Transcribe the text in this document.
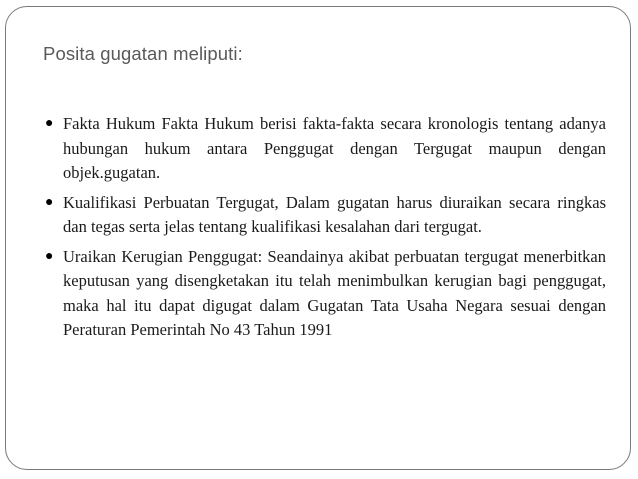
Posita gugatan meliputi:
● Fakta Hukum Fakta Hukum berisi fakta-fakta secara kronologis tentang adanya hubungan hukum antara Penggugat dengan Tergugat maupun dengan objek.gugatan.
● Kualifikasi Perbuatan Tergugat, Dalam gugatan harus diuraikan secara ringkas dan tegas serta jelas tentang kualifikasi kesalahan dari tergugat.
● Uraikan Kerugian Penggugat: Seandainya akibat perbuatan tergugat menerbitkan keputusan yang disengketakan itu telah menimbulkan kerugian bagi penggugat, maka hal itu dapat digugat dalam Gugatan Tata Usaha Negara sesuai dengan Peraturan Pemerintah No 43 Tahun 1991
